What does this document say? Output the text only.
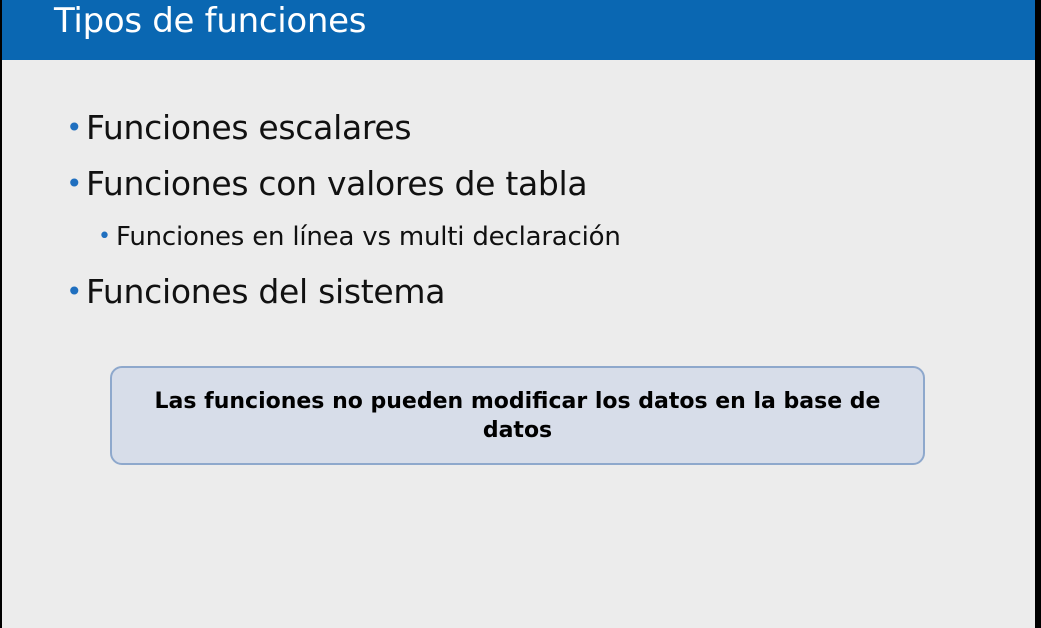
Tipos de funciones
• Funciones escalares
• Funciones con valores de tabla
• Funciones en línea vs multi declaración
• Funciones del sistema
Las funciones no pueden modificar los datos en la base de datos
